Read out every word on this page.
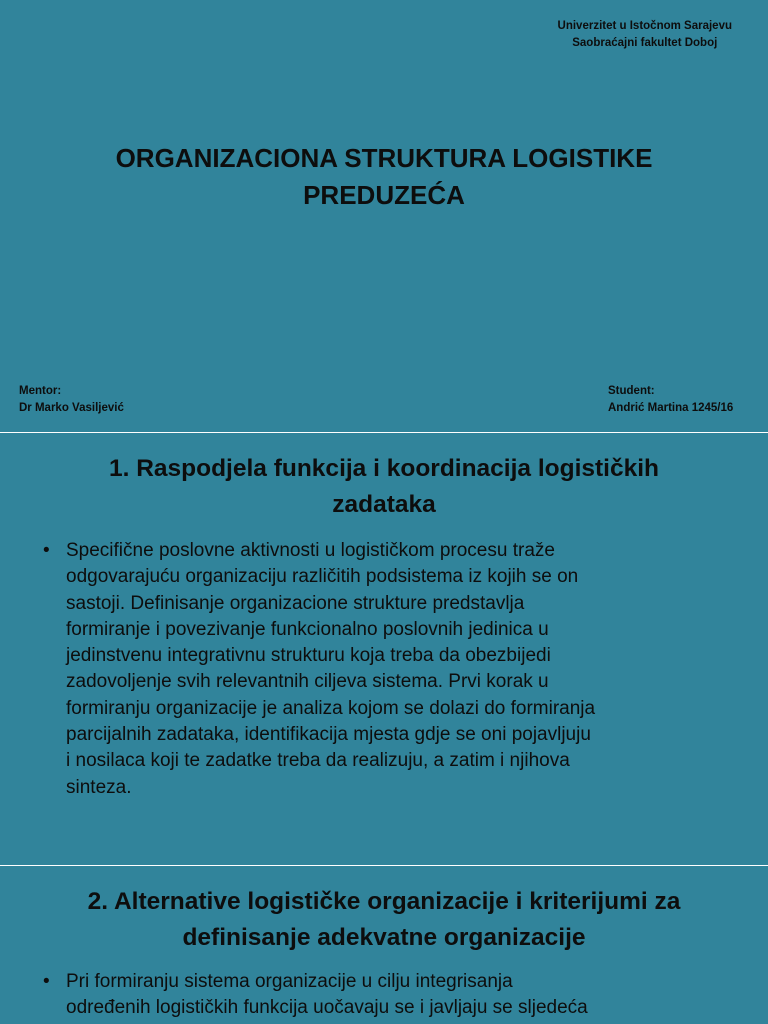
Univerzitet u Istočnom Sarajevu
Saobraćajni fakultet Doboj
ORGANIZACIONA STRUKTURA LOGISTIKE
PREDUZEĆA
Mentor:
Dr Marko Vasiljević
Student:
Andrić Martina 1245/16
1. Raspodjela funkcija i koordinacija logističkih
zadataka
• Specifične poslovne aktivnosti u logističkom procesu traže
odgovarajuću organizaciju različitih podsistema iz kojih se on
sastoji. Definisanje organizacione strukture predstavlja
formiranje i povezivanje funkcionalno poslovnih jedinica u
jedinstvenu integrativnu strukturu koja treba da obezbijedi
zadovoljenje svih relevantnih ciljeva sistema. Prvi korak u
formiranju organizacije je analiza kojom se dolazi do formiranja
parcijalnih zadataka, identifikacija mjesta gdje se oni pojavljuju
i nosilaca koji te zadatke treba da realizuju, a zatim i njihova
sinteza.
2. Alternative logističke organizacije i kriterijumi za
definisanje adekvatne organizacije
• Pri formiranju sistema organizacije u cilju integrisanja
određenih logističkih funkcija uočavaju se i javljaju se sljedeća
